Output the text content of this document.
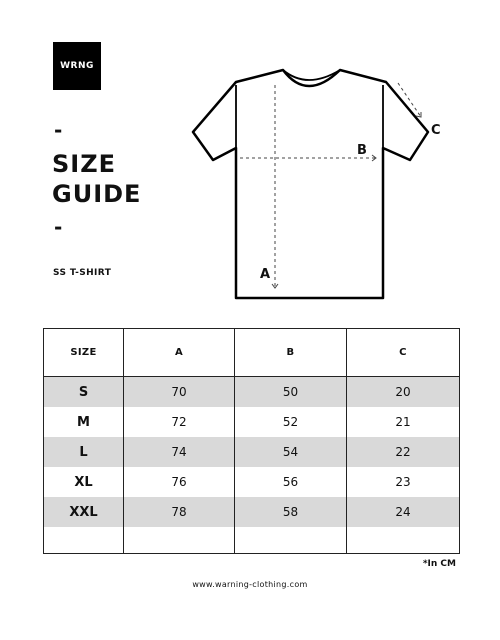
WRNG
-
SIZE
GUIDE
-
SS T-SHIRT
B
A
C
SIZE	A	B	C
S	70	50	20
M	72	52	21
L	74	54	22
XL	76	56	23
XXL	78	58	24

*In CM
www.warning-clothing.com
